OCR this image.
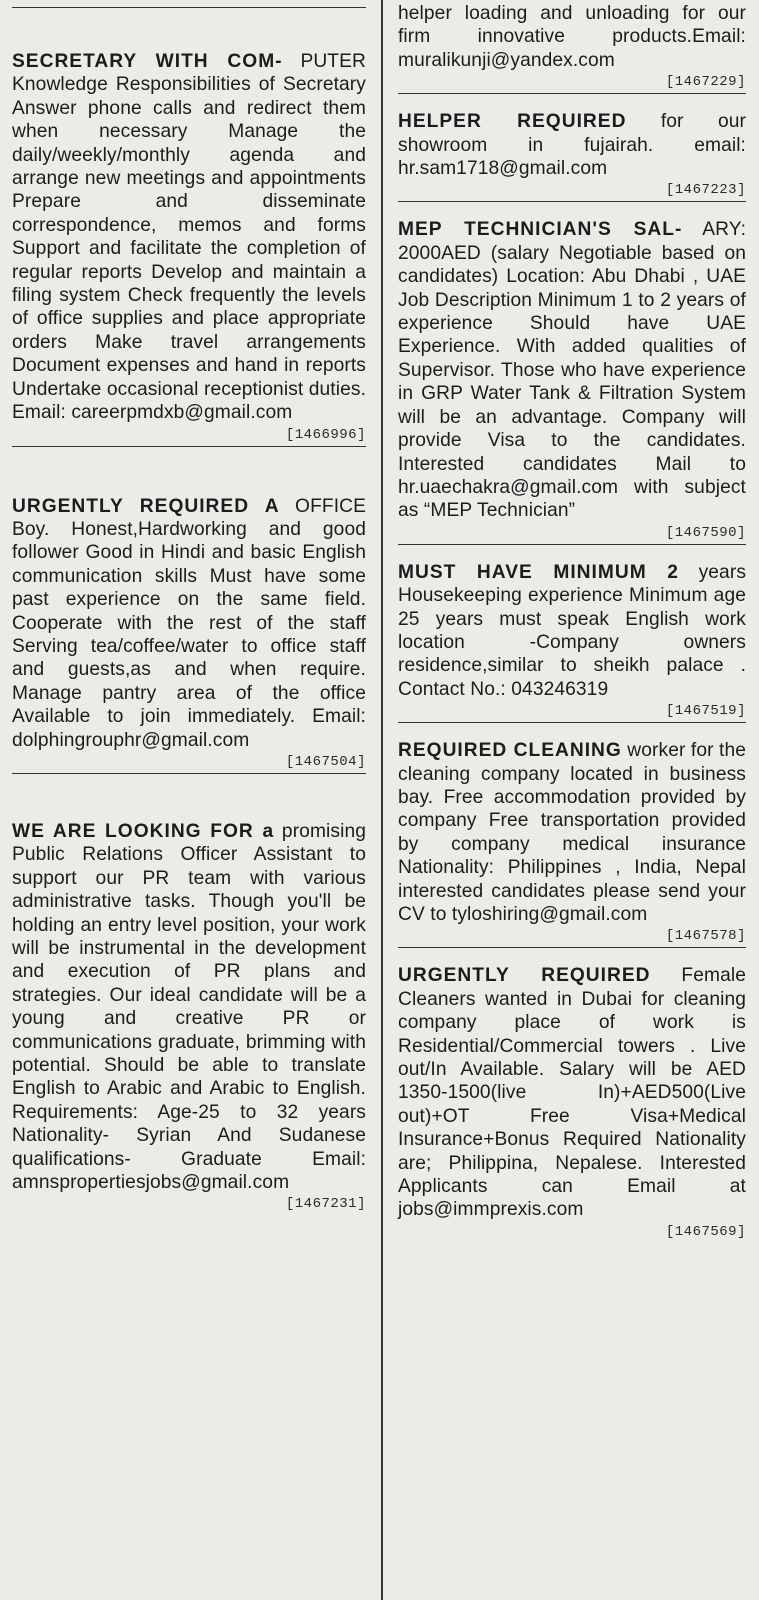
SECRETARY WITH COM- PUTER Knowledge Responsibilities of Secretary Answer phone calls and redirect them when necessary Manage the daily/weekly/monthly agenda and arrange new meetings and appointments Prepare and disseminate correspondence, memos and forms Support and facilitate the completion of regular reports Develop and maintain a filing system Check frequently the levels of office supplies and place appropriate orders Make travel arrangements Document expenses and hand in reports Undertake occasional receptionist duties. Email: careerpmdxb@gmail.com

[1466996]

URGENTLY REQUIRED A OFFICE Boy. Honest,Hardworking and good follower Good in Hindi and basic English communication skills Must have some past experience on the same field. Cooperate with the rest of the staff Serving tea/coffee/water to office staff and guests,as and when require. Manage pantry area of the office Available to join immediately. Email: dolphingrouphr@gmail.com

[1467504]

WE ARE LOOKING FOR a promising Public Relations Officer Assistant to support our PR team with various administrative tasks. Though you'll be holding an entry level position, your work will be instrumental in the development and execution of PR plans and strategies. Our ideal candidate will be a young and creative PR or communications graduate, brimming with potential. Should be able to translate English to Arabic and Arabic to English. Requirements: Age-25 to 32 years Nationality- Syrian And Sudanese qualifications- Graduate Email: amnspropertiesjobs@gmail.com

[1467231]

helper loading and unloading for our firm innovative products.Email: muralikunji@yandex.com

[1467229]

HELPER REQUIRED for our showroom in fujairah. email: hr.sam1718@gmail.com

[1467223]

MEP TECHNICIAN'S SAL- ARY: 2000AED (salary Negotiable based on candidates) Location: Abu Dhabi , UAE Job Description Minimum 1 to 2 years of experience Should have UAE Experience. With added qualities of Supervisor. Those who have experience in GRP Water Tank & Filtration System will be an advantage. Company will provide Visa to the candidates. Interested candidates Mail to hr.uaechakra@gmail.com with subject as “MEP Technician”

[1467590]

MUST HAVE MINIMUM 2 years Housekeeping experience Minimum age 25 years must speak English work location -Company owners residence,similar to sheikh palace . Contact No.: 043246319

[1467519]

REQUIRED CLEANING worker for the cleaning company located in business bay. Free accommodation provided by company Free transportation provided by company medical insurance Nationality: Philippines , India, Nepal interested candidates please send your CV to tyloshiring@gmail.com

[1467578]

URGENTLY REQUIRED Female Cleaners wanted in Dubai for cleaning company place of work is Residential/Commercial towers . Live out/In Available. Salary will be AED 1350-1500(live In)+AED500(Live out)+OT Free Visa+Medical Insurance+Bonus Required Nationality are; Philippina, Nepalese. Interested Applicants can Email at jobs@immprexis.com

[1467569]
